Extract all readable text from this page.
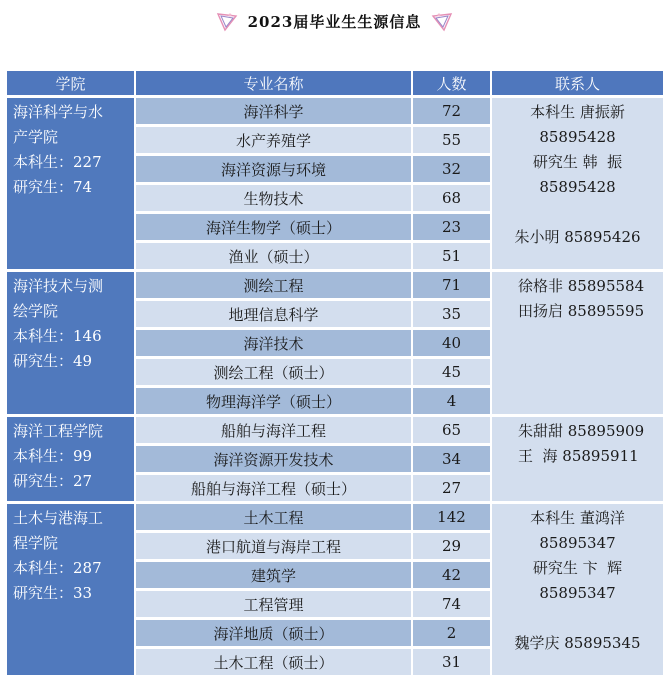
2023届毕业生生源信息
学院	专业名称	人数	联系人

海洋科学与水
产学院
本科生：227
研究生：74	海洋科学	72	本科生 唐振新
85895428
研究生 韩  振
85895428

朱小明 85895426

	水产养殖学	55	
	海洋资源与环境	32	
	生物技术	68	
	海洋生物学（硕士）	23	
	渔业（硕士）	51	

海洋技术与测
绘学院
本科生：146
研究生：49	测绘工程	71	徐格非 85895584
田扬启 85895595

	地理信息科学	35	
	海洋技术	40	
	测绘工程（硕士）	45	
	物理海洋学（硕士）	4	

海洋工程学院
本科生：99
研究生：27	船舶与海洋工程	65	朱甜甜 85895909
王  海 85895911

	海洋资源开发技术	34	
	船舶与海洋工程（硕士）	27	

土木与港海工
程学院
本科生：287
研究生：33	土木工程	142	本科生 董鸿洋
85895347
研究生 卞  辉
85895347

魏学庆 85895345

	港口航道与海岸工程	29	
	建筑学	42	
	工程管理	74	
	海洋地质（硕士）	2	
	土木工程（硕士）	31	
